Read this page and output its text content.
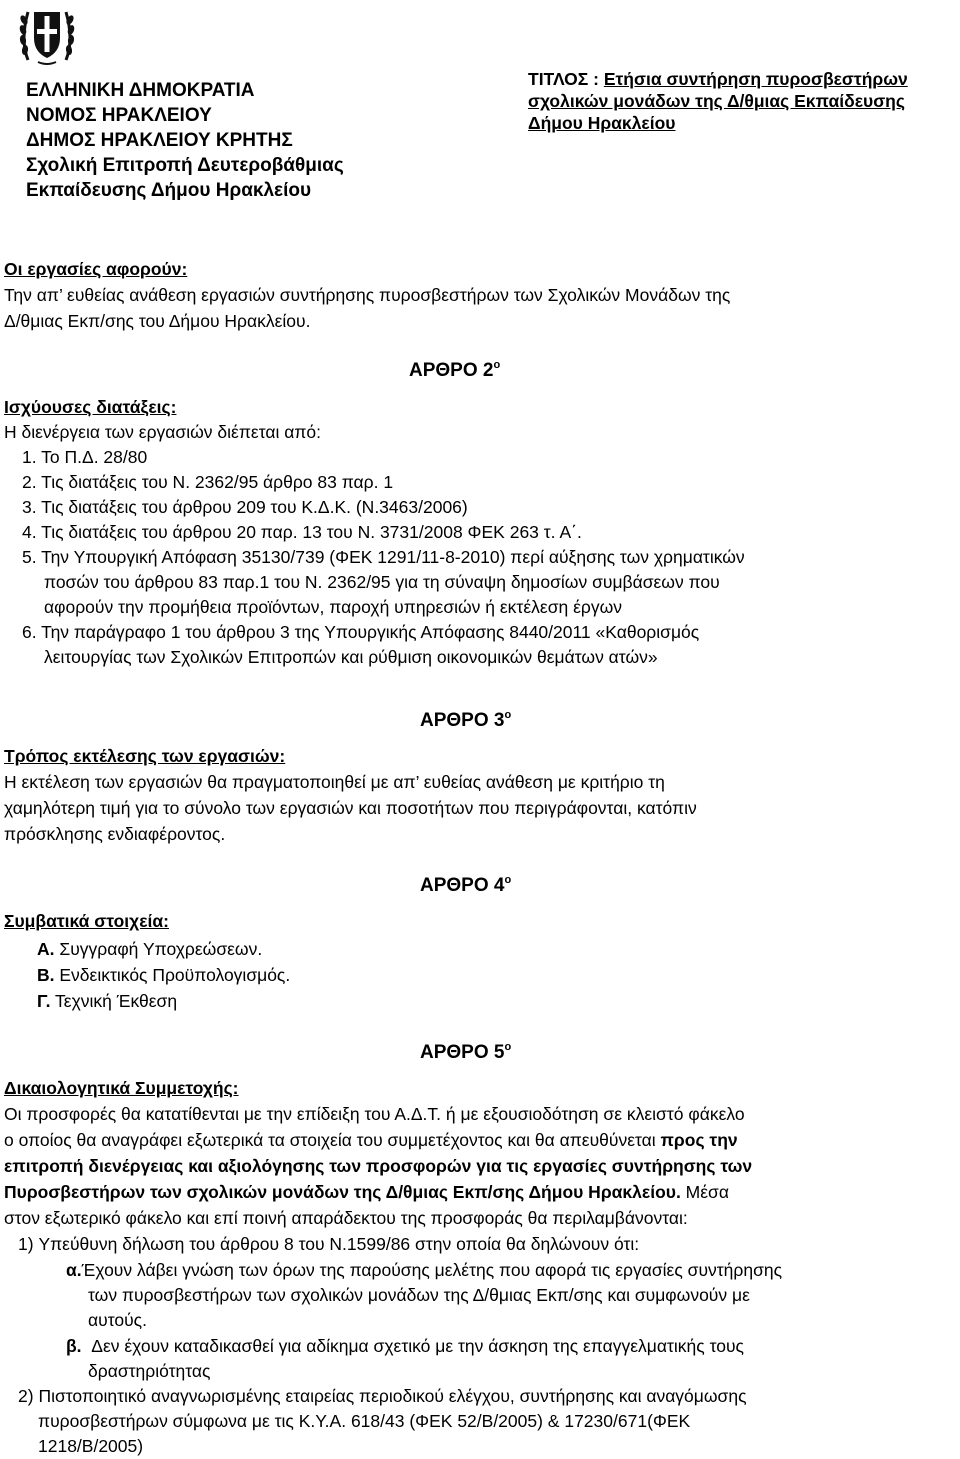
ΕΛΛΗΝΙΚΗ ΔΗΜΟΚΡΑΤΙΑ
ΝΟΜΟΣ ΗΡΑΚΛΕΙΟΥ
ΔΗΜΟΣ ΗΡΑΚΛΕΙΟΥ ΚΡΗΤΗΣ
Σχολική Επιτροπή Δευτεροβάθμιας
Εκπαίδευσης Δήμου Ηρακλείου
ΤΙΤΛΟΣ : Ετήσια συντήρηση πυροσβεστήρων
σχολικών μονάδων της Δ/θμιας Εκπαίδευσης
Δήμου Ηρακλείου
Οι εργασίες αφορούν:
Την απ’ ευθείας ανάθεση εργασιών συντήρησης πυροσβεστήρων των Σχολικών Μονάδων της
Δ/θμιας Εκπ/σης του Δήμου Ηρακλείου.
ΑΡΘΡΟ $2^o$
Ισχύουσες διατάξεις:
Η διενέργεια των εργασιών διέπεται από:
1. Το Π.Δ. 28/80
2. Τις διατάξεις του Ν. 2362/95 άρθρο 83 παρ. 1
3. Τις διατάξεις του άρθρου 209 του Κ.Δ.Κ. (Ν.3463/2006)
4. Τις διατάξεις του άρθρου 20 παρ. 13 του Ν. 3731/2008 ΦΕΚ 263 τ. Α΄.
5. Την Υπουργική Απόφαση 35130/739 (ΦΕΚ 1291/11-8-2010) περί αύξησης των χρηματικών
ποσών του άρθρου 83 παρ.1 του Ν. 2362/95 για τη σύναψη δημοσίων συμβάσεων που
αφορούν την προμήθεια προϊόντων, παροχή υπηρεσιών ή εκτέλεση έργων
6. Την παράγραφο 1 του άρθρου 3 της Υπουργικής Απόφασης 8440/2011 «Καθορισμός
λειτουργίας των Σχολικών Επιτροπών και ρύθμιση οικονομικών θεμάτων ατών»
ΑΡΘΡΟ $3^o$
Τρόπος εκτέλεσης των εργασιών:
Η εκτέλεση των εργασιών θα πραγματοποιηθεί με απ’ ευθείας ανάθεση με κριτήριο τη
χαμηλότερη τιμή για το σύνολο των εργασιών και ποσοτήτων που περιγράφονται, κατόπιν
πρόσκλησης ενδιαφέροντος.
ΑΡΘΡΟ $4^o$
Συμβατικά στοιχεία:
Α. Συγγραφή Υποχρεώσεων.
Β. Ενδεικτικός Προϋπολογισμός.
Γ. Τεχνική Έκθεση
ΑΡΘΡΟ $5^o$
Δικαιολογητικά Συμμετοχής:
Οι προσφορές θα κατατίθενται με την επίδειξη του Α.Δ.Τ. ή με εξουσιοδότηση σε κλειστό φάκελο
ο οποίος θα αναγράφει εξωτερικά τα στοιχεία του συμμετέχοντος και θα απευθύνεται προς την
επιτροπή διενέργειας και αξιολόγησης των προσφορών για τις εργασίες συντήρησης των
Πυροσβεστήρων των σχολικών μονάδων της Δ/θμιας Εκπ/σης Δήμου Ηρακλείου. Μέσα
στον εξωτερικό φάκελο και επί ποινή απαράδεκτου της προσφοράς θα περιλαμβάνονται:
1) Υπεύθυνη δήλωση του άρθρου 8 του Ν.1599/86 στην οποία θα δηλώνουν ότι:
α.Έχουν λάβει γνώση των όρων της παρούσης μελέτης που αφορά τις εργασίες συντήρησης
των πυροσβεστήρων των σχολικών μονάδων της Δ/θμιας Εκπ/σης και συμφωνούν με
αυτούς.
β. Δεν έχουν καταδικασθεί για αδίκημα σχετικό με την άσκηση της επαγγελματικής τους
δραστηριότητας
2) Πιστοποιητικό αναγνωρισμένης εταιρείας περιοδικού ελέγχου, συντήρησης και αναγόμωσης
πυροσβεστήρων σύμφωνα με τις Κ.Υ.Α. 618/43 (ΦΕΚ 52/Β/2005) & 17230/671(ΦΕΚ
1218/Β/2005)
